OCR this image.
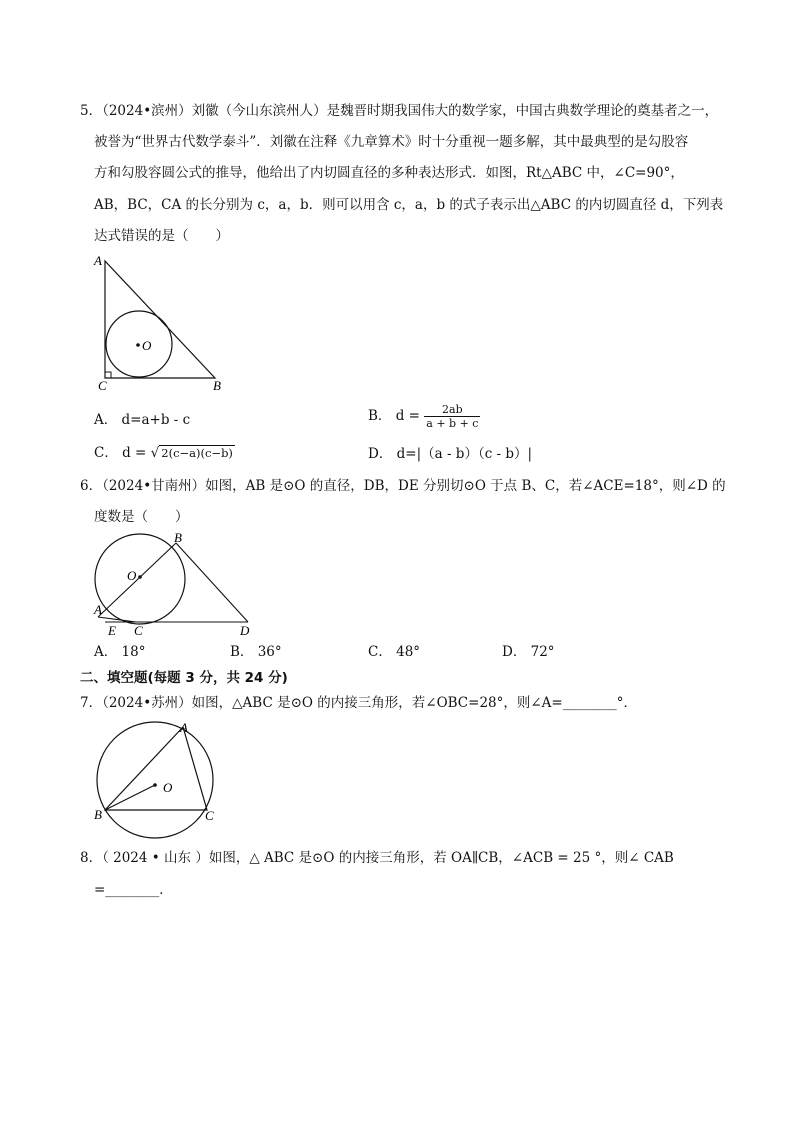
5．（2024•滨州）刘徽（今山东滨州人）是魏晋时期我国伟大的数学家，中国古典数学理论的奠基者之一，
被誉为“世界古代数学泰斗”．刘徽在注释《九章算术》时十分重视一题多解，其中最典型的是勾股容
方和勾股容圆公式的推导，他给出了内切圆直径的多种表达形式．如图，Rt△ABC 中，∠C=90°，
AB，BC，CA 的长分别为 c，a，b．则可以用含 c，a，b 的式子表示出△ABC 的内切圆直径 d，下列表
达式错误的是（　　）
A
O
C	B
A． d=a+b - c	B． $d = \frac{2ab}{a + b + c}$
C． d = √ 2(c−a)(c−b)	D． d=|（a - b）（c - b）|
6．（2024•甘南州）如图，AB 是⊙O 的直径，DB，DE 分别切⊙O 于点 B、C，若∠ACE=18°，则∠D 的
度数是（　　）
B
O
A
E C	D
A． 18°	B． 36°	C． 48°	D． 72°
二、填空题(每题 3 分，共 24 分)
7．（2024•苏州）如图，△ABC 是⊙O 的内接三角形，若∠OBC=28°，则∠A=________°．
A
O
B	C
8．（ 2024 • 山东 ）如图，△ ABC 是⊙O 的内接三角形，若 OA∥CB，∠ACB = 25 °，则∠ CAB
=________．
